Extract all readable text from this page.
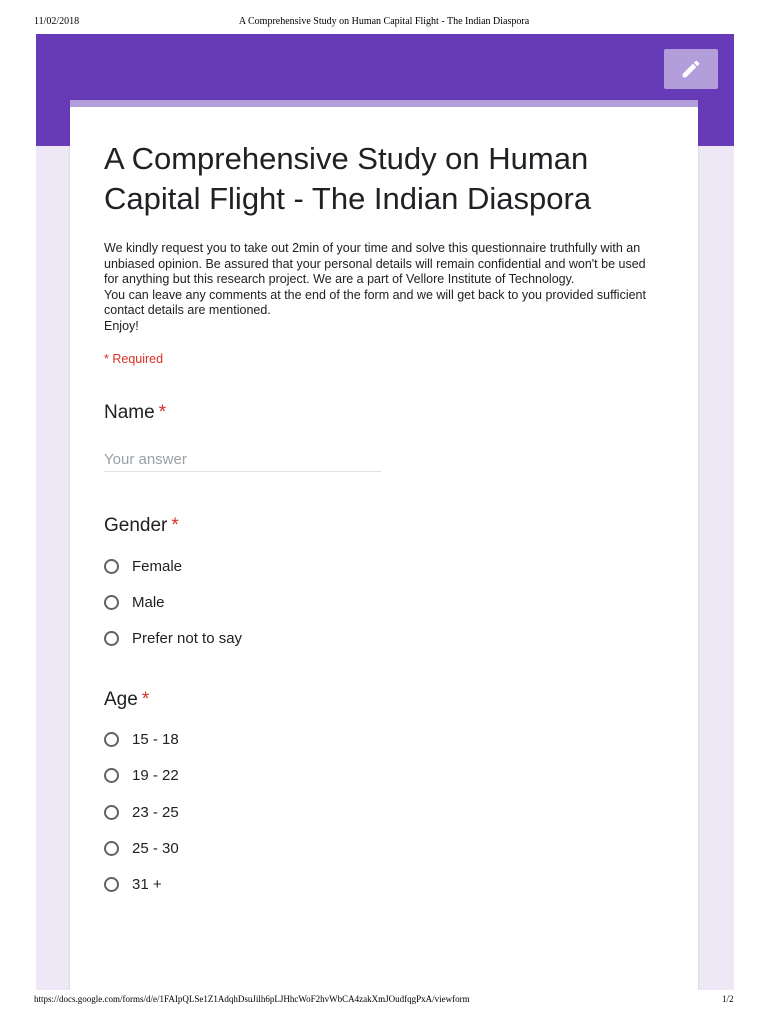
11/02/2018	A Comprehensive Study on Human Capital Flight - The Indian Diaspora
A Comprehensive Study on Human Capital Flight - The Indian Diaspora
We kindly request you to take out 2min of your time and solve this questionnaire truthfully with an
unbiased opinion. Be assured that your personal details will remain confidential and won't be used
for anything but this research project. We are a part of Vellore Institute of Technology.
You can leave any comments at the end of the form and we will get back to you provided sufficient
contact details are mentioned.
Enjoy!
* Required
Name *
Your answer
Gender *
Female
Male
Prefer not to say
Age *
15 - 18
19 - 22
23 - 25
25 - 30
31 +
https://docs.google.com/forms/d/e/1FAIpQLSe1Z1AdqhDsuJilh6pLJHhcWoF2hvWbCA4zakXmJOudfqgPxA/viewform	1/2
